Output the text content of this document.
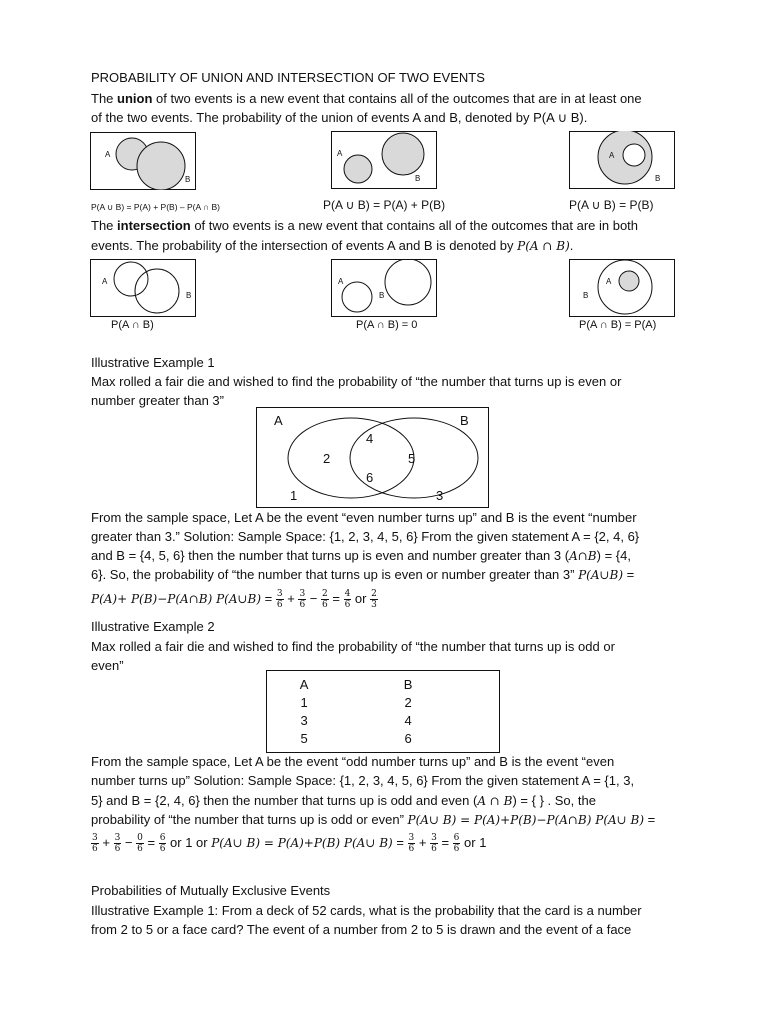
PROBABILITY OF UNION AND INTERSECTION OF TWO EVENTS
The union of two events is a new event that contains all of the outcomes that are in at least one
of the two events. The probability of the union of events A and B, denoted by P(A ∪ B).
A
B
A
B
A
B
P(A ∪ B) = P(A) + P(B) – P(A ∩ B)	P(A ∪ B) = P(A) + P(B)	P(A ∪ B) = P(B)
The intersection of two events is a new event that contains all of the outcomes that are in both
events. The probability of the intersection of events A and B is denoted by P(A ∩ B).
A
B
A
B
A
B
P(A ∩ B)	P(A ∩ B) = 0	P(A ∩ B) = P(A)
Illustrative Example 1
Max rolled a fair die and wished to find the probability of “the number that turns up is even or
number greater than 3”
A	B
2
4
6
5
1	3
From the sample space, Let A be the event “even number turns up” and B is the event “number
greater than 3.” Solution: Sample Space: {1, 2, 3, 4, 5, 6} From the given statement A = {2, 4, 6}
and B = {4, 5, 6} then the number that turns up is even and number greater than 3 (A∩B) = {4,
6}. So, the probability of “the number that turns up is even or number greater than 3” P(A∪B) =
P(A)+ P(B)−P(A∩B) P(A∪B) = $\frac{3}{6} + \frac{3}{6} - \frac{2}{6} = \frac{4}{6}$ or $\frac{2}{3}$
Illustrative Example 2
Max rolled a fair die and wished to find the probability of “the number that turns up is odd or
even”
A	B
1	2
3	4
5	6
From the sample space, Let A be the event “odd number turns up” and B is the event “even
number turns up” Solution: Sample Space: {1, 2, 3, 4, 5, 6} From the given statement A = {1, 3,
5} and B = {2, 4, 6} then the number that turns up is odd and even (A ∩ B) = { } . So, the
probability of “the number that turns up is odd or even” P(A∪ B) = P(A)+P(B)−P(A∩B) P(A∪ B) =
$\frac{3}{6} + \frac{3}{6} - \frac{0}{6} = \frac{6}{6}$ or 1 or P(A∪ B) = P(A)+P(B) P(A∪ $B) = \frac{3}{6} + \frac{3}{6} = \frac{6}{6}$ or 1
Probabilities of Mutually Exclusive Events
Illustrative Example 1: From a deck of 52 cards, what is the probability that the card is a number
from 2 to 5 or a face card? The event of a number from 2 to 5 is drawn and the event of a face
